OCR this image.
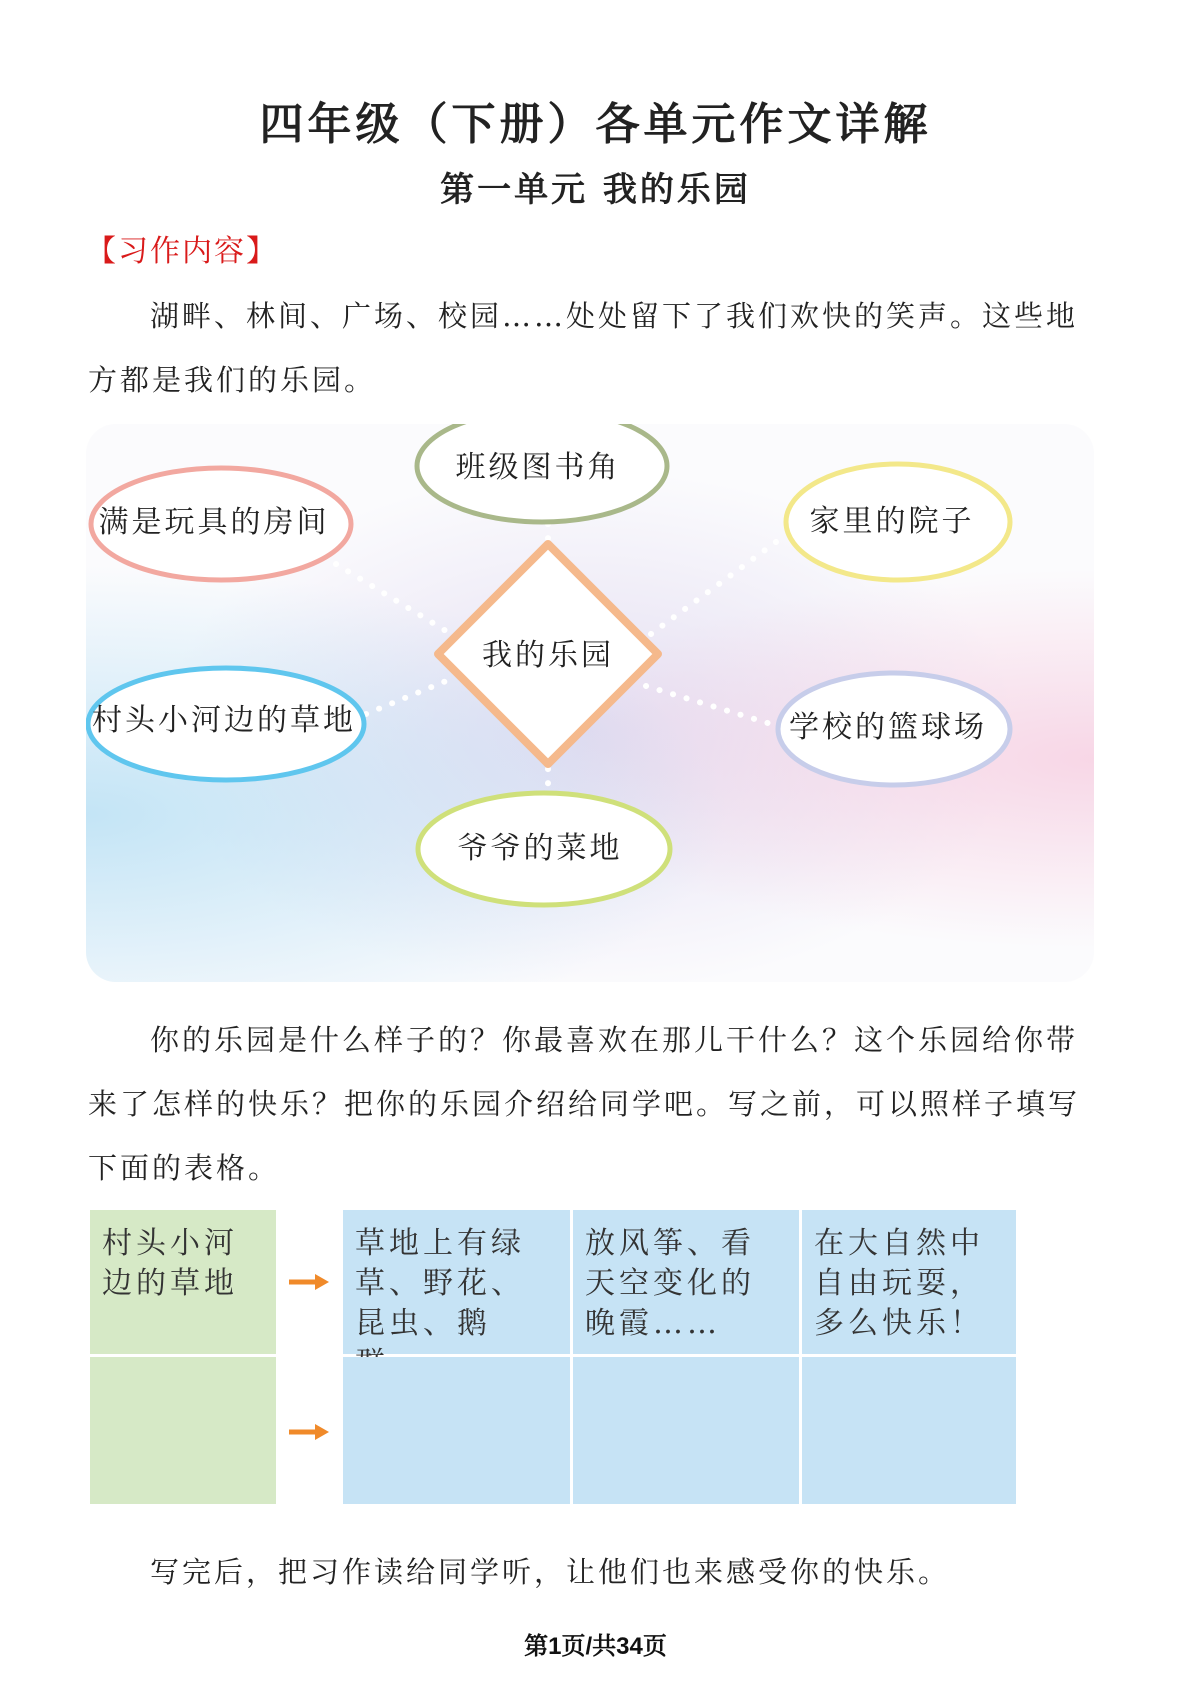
四年级（下册）各单元作文详解
第一单元 我的乐园
【习作内容】

湖畔、林间、广场、校园……处处留下了我们欢快的笑声。这些地方都是我们的乐园。

我的乐园
班级图书角
满是玩具的房间	家里的院子
村头小河边的草地	学校的篮球场
爷爷的菜地

你的乐园是什么样子的？你最喜欢在那儿干什么？这个乐园给你带来了怎样的快乐？把你的乐园介绍给同学吧。写之前，可以照样子填写下面的表格。

村头小河边的草地
草地上有绿草、野花、昆虫、鹅
放风筝、看天空变化的晚霞……
在大自然中自由玩耍，多么快乐！

写完后，把习作读给同学听，让他们也来感受你的快乐。

第1页/共34页
